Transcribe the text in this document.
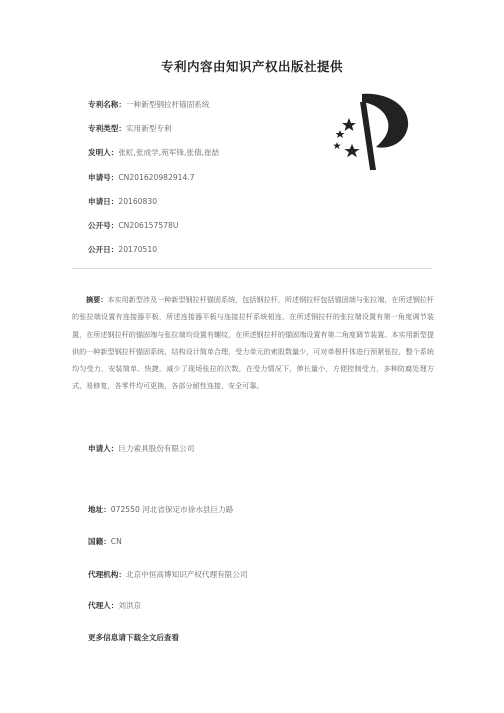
专利内容由知识产权出版社提供
专利名称：一种新型钢拉杆锚固系统
专利类型：实用新型专利
发明人：张虹,张成学,苑军锋,张倩,崔喆
申请号：CN201620982914.7
申请日：20160830
公开号：CN206157578U
公开日：20170510
摘要：本实用新型涉及一种新型钢拉杆锚固系统，包括钢拉杆，所述钢拉杆包括锚固端与张拉端，在所述钢拉杆的张拉端设置有连接器平板，所述连接器平板与连接拉杆系统相连，在所述钢拉杆的张拉端设置有第一角度调节装置，在所述钢拉杆的锚固端与张拉端均设置有螺纹，在所述钢拉杆的锚固端设置有第二角度调节装置。本实用新型提供的一种新型钢拉杆锚固系统，结构设计简单合理，受力单元的索股数量少，可对单根杆体进行预紧张拉，整个系统均匀受力，安装简单、快捷，减少了现场张拉的次数，在受力情况下，伸长量小，方便控制受力，多种防腐处理方式，易修复，各零件均可更换，各部分耐性连接，安全可靠。
申请人：巨力索具股份有限公司
地址：072550 河北省保定市徐水县巨力路
国籍：CN
代理机构：北京中恒高博知识产权代理有限公司
代理人：刘洪京
更多信息请下载全文后查看
